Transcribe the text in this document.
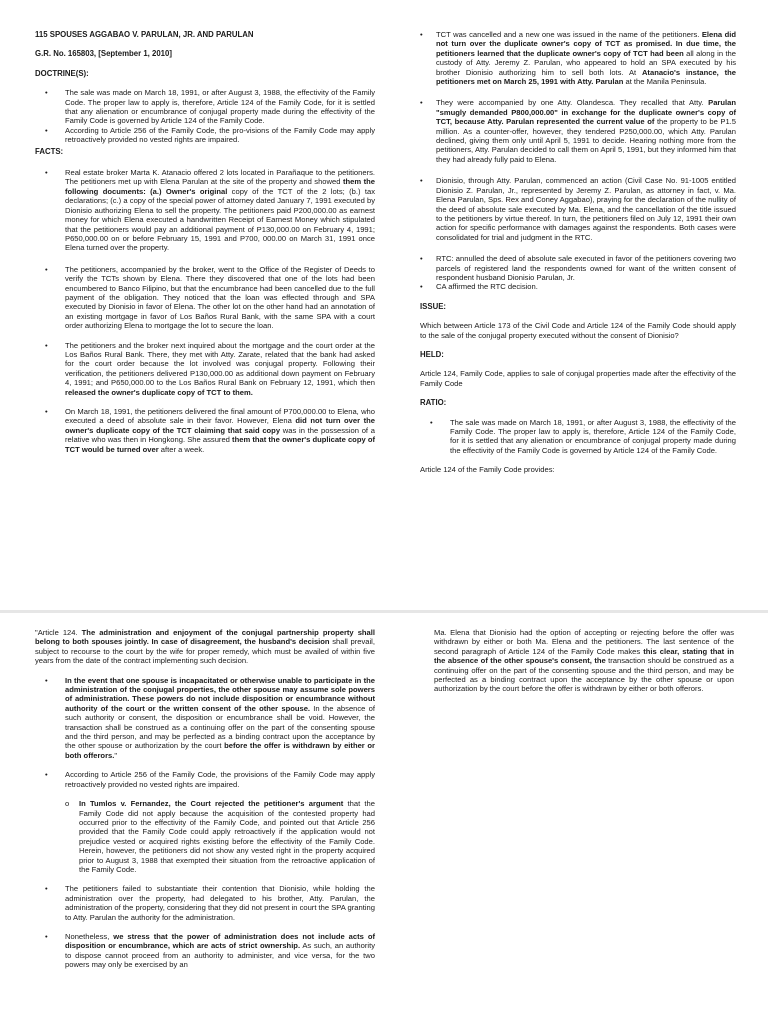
115 SPOUSES AGGABAO V. PARULAN, JR. AND PARULAN

G.R. No. 165803, [September 1, 2010]

DOCTRINE(S):

• The sale was made on March 18, 1991, or after August 3, 1988, the effectivity of the Family Code. The proper law to apply is, therefore, Article 124 of the Family Code, for it is settled that any alienation or encumbrance of conjugal property made during the effectivity of the Family Code is governed by Article 124 of the Family Code.
• According to Article 256 of the Family Code, the pro-visions of the Family Code may apply retroactively provided no vested rights are impaired.

FACTS:

• Real estate broker Marta K. Atanacio offered 2 lots located in Parañaque to the petitioners. The petitioners met up with Elena Parulan at the site of the property and showed them the following documents: (a.) Owner's original copy of the TCT of the 2 lots; (b.) tax declarations; (c.) a copy of the special power of attorney dated January 7, 1991 executed by Dionisio authorizing Elena to sell the property. The petitioners paid P200,000.00 as earnest money for which Elena executed a handwritten Receipt of Earnest Money which stipulated that the petitioners would pay an additional payment of P130,000.00 on February 4, 1991; P650,000.00 on or before February 15, 1991 and P700, 000.00 on March 31, 1991 once Elena turned over the property.
• The petitioners, accompanied by the broker, went to the Office of the Register of Deeds to verify the TCTs shown by Elena. There they discovered that one of the lots had been encumbered to Banco Filipino, but that the encumbrance had been cancelled due to the full payment of the obligation. They noticed that the loan was effected through and SPA executed by Dionisio in favor of Elena. The other lot on the other hand had an annotation of an existing mortgage in favor of Los Baños Rural Bank, with the same SPA with a court order authorizing Elena to mortgage the lot to secure the loan.
• The petitioners and the broker next inquired about the mortgage and the court order at the Los Baños Rural Bank. There, they met with Atty. Zarate, related that the bank had asked for the court order because the lot involved was conjugal property. Following their verification, the petitioners delivered P130,000.00 as additional down payment on February 4, 1991; and P650,000.00 to the Los Baños Rural Bank on February 12, 1991, which then released the owner's duplicate copy of TCT to them.
• On March 18, 1991, the petitioners delivered the final amount of P700,000.00 to Elena, who executed a deed of absolute sale in their favor. However, Elena did not turn over the owner's duplicate copy of the TCT claiming that said copy was in the possession of a relative who was then in Hongkong. She assured them that the owner's duplicate copy of TCT would be turned over after a week.
• TCT was cancelled and a new one was issued in the name of the petitioners. Elena did not turn over the duplicate owner's copy of TCT as promised. In due time, the petitioners learned that the duplicate owner's copy of TCT had been all along in the custody of Atty. Jeremy Z. Parulan, who appeared to hold an SPA executed by his brother Dionisio authorizing him to sell both lots. At Atanacio's instance, the petitioners met on March 25, 1991 with Atty. Parulan at the Manila Peninsula.
• They were accompanied by one Atty. Olandesca. They recalled that Atty. Parulan "smugly demanded P800,000.00" in exchange for the duplicate owner's copy of TCT, because Atty. Parulan represented the current value of the property to be P1.5 million. As a counter-offer, however, they tendered P250,000.00, which Atty. Parulan declined, giving them only until April 5, 1991 to decide. Hearing nothing more from the petitioners, Atty. Parulan decided to call them on April 5, 1991, but they informed him that they had already fully paid to Elena.
• Dionisio, through Atty. Parulan, commenced an action (Civil Case No. 91-1005 entitled Dionisio Z. Parulan, Jr., represented by Jeremy Z. Parulan, as attorney in fact, v. Ma. Elena Parulan, Sps. Rex and Coney Aggabao), praying for the declaration of the nullity of the deed of absolute sale executed by Ma. Elena, and the cancellation of the title issued to the petitioners by virtue thereof. In turn, the petitioners filed on July 12, 1991 their own action for specific performance with damages against the respondents. Both cases were consolidated for trial and judgment in the RTC.
• RTC: annulled the deed of absolute sale executed in favor of the petitioners covering two parcels of registered land the respondents owned for want of the written consent of respondent husband Dionisio Parulan, Jr.
• CA affirmed the RTC decision.

ISSUE:

Which between Article 173 of the Civil Code and Article 124 of the Family Code should apply to the sale of the conjugal property executed without the consent of Dionisio?

HELD:

Article 124, Family Code, applies to sale of conjugal properties made after the effectivity of the Family Code

RATIO:

• The sale was made on March 18, 1991, or after August 3, 1988, the effectivity of the Family Code. The proper law to apply is, therefore, Article 124 of the Family Code, for it is settled that any alienation or encumbrance of conjugal property made during the effectivity of the Family Code is governed by Article 124 of the Family Code.

Article 124 of the Family Code provides:

"Article 124. The administration and enjoyment of the conjugal partnership property shall belong to both spouses jointly. In case of disagreement, the husband's decision shall prevail, subject to recourse to the court by the wife for proper remedy, which must be availed of within five years from the date of the contract implementing such decision.

• In the event that one spouse is incapacitated or otherwise unable to participate in the administration of the conjugal properties, the other spouse may assume sole powers of administration. These powers do not include disposition or encumbrance without authority of the court or the written consent of the other spouse. In the absence of such authority or consent, the disposition or encumbrance shall be void. However, the transaction shall be construed as a continuing offer on the part of the consenting spouse and the third person, and may be perfected as a binding contract upon the acceptance by the other spouse or authorization by the court before the offer is withdrawn by either or both offerors."
• According to Article 256 of the Family Code, the provisions of the Family Code may apply retroactively provided no vested rights are impaired.
o In Tumlos v. Fernandez, the Court rejected the petitioner's argument that the Family Code did not apply because the acquisition of the contested property had occurred prior to the effectivity of the Family Code, and pointed out that Article 256 provided that the Family Code could apply retroactively if the application would not prejudice vested or acquired rights existing before the effectivity of the Family Code. Herein, however, the petitioners did not show any vested right in the property acquired prior to August 3, 1988 that exempted their situation from the retroactive application of the Family Code.
• The petitioners failed to substantiate their contention that Dionisio, while holding the administration over the property, had delegated to his brother, Atty. Parulan, the administration of the property, considering that they did not present in court the SPA granting to Atty. Parulan the authority for the administration.
• Nonetheless, we stress that the power of administration does not include acts of disposition or encumbrance, which are acts of strict ownership. As such, an authority to dispose cannot proceed from an authority to administer, and vice versa, for the two powers may only be exercised by an

Ma. Elena that Dionisio had the option of accepting or rejecting before the offer was withdrawn by either or both Ma. Elena and the petitioners. The last sentence of the second paragraph of Article 124 of the Family Code makes this clear, stating that in the absence of the other spouse's consent, the transaction should be construed as a continuing offer on the part of the consenting spouse and the third person, and may be perfected as a binding contract upon the acceptance by the other spouse or upon authorization by the court before the offer is withdrawn by either or both offerors.
